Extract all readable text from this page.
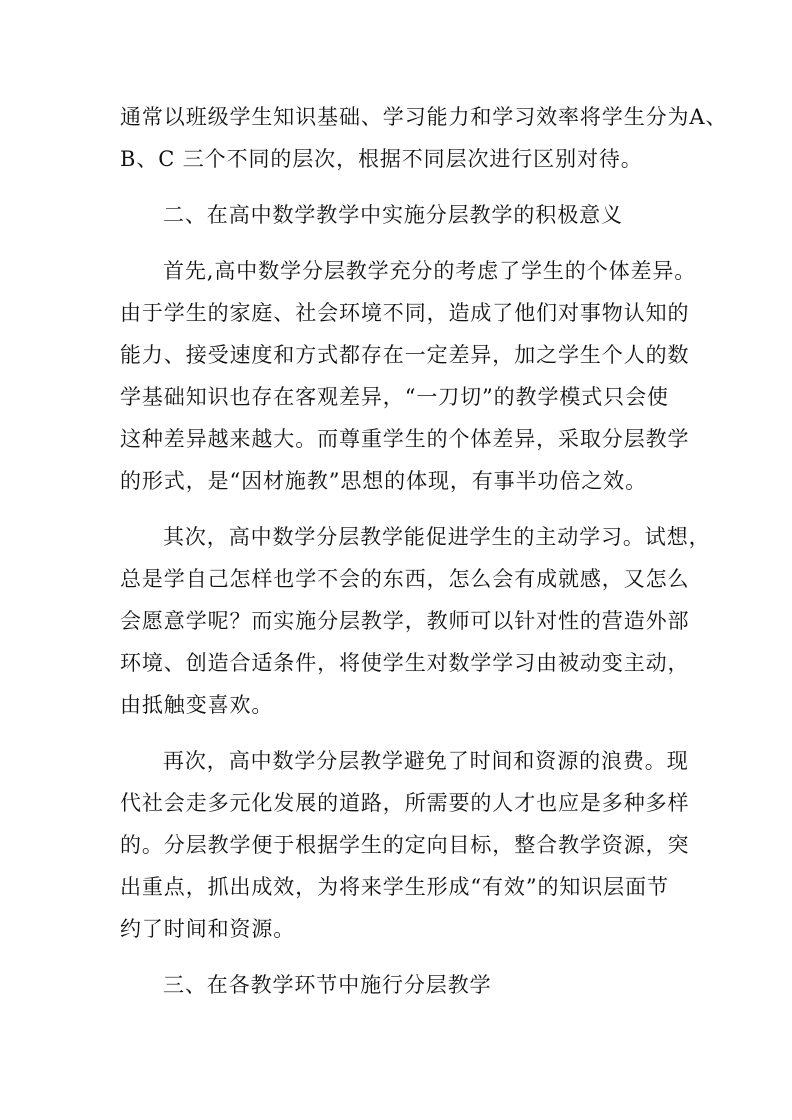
通常以班级学生知识基础、学习能力和学习效率将学生分为A、
B、C 三个不同的层次，根据不同层次进行区别对待。
二、在高中数学教学中实施分层教学的积极意义
首先,高中数学分层教学充分的考虑了学生的个体差异。
由于学生的家庭、社会环境不同，造成了他们对事物认知的
能力、接受速度和方式都存在一定差异，加之学生个人的数
学基础知识也存在客观差异，“一刀切”的教学模式只会使
这种差异越来越大。而尊重学生的个体差异，采取分层教学
的形式，是“因材施教”思想的体现，有事半功倍之效。
其次，高中数学分层教学能促进学生的主动学习。试想，
总是学自己怎样也学不会的东西，怎么会有成就感，又怎么
会愿意学呢？而实施分层教学，教师可以针对性的营造外部
环境、创造合适条件，将使学生对数学学习由被动变主动，
由抵触变喜欢。
再次，高中数学分层教学避免了时间和资源的浪费。现
代社会走多元化发展的道路，所需要的人才也应是多种多样
的。分层教学便于根据学生的定向目标，整合教学资源，突
出重点，抓出成效，为将来学生形成“有效”的知识层面节
约了时间和资源。
三、在各教学环节中施行分层教学
